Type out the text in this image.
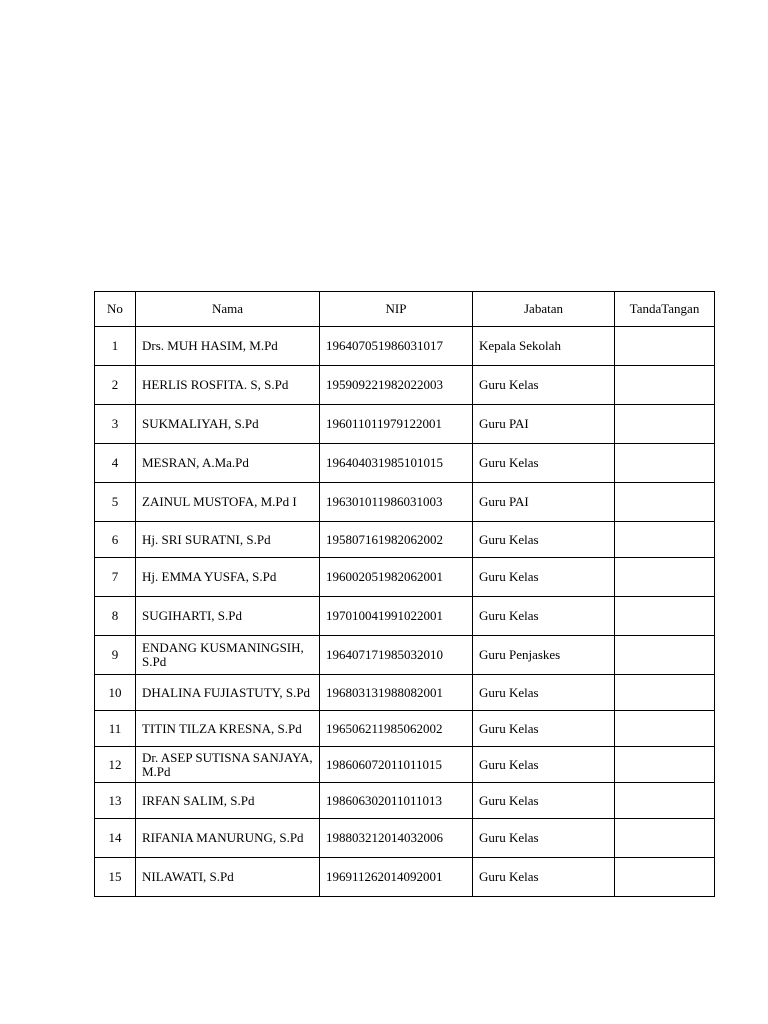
No	Nama	NIP	Jabatan	TandaTangan
1	Drs. MUH HASIM, M.Pd	196407051986031017	Kepala Sekolah	
2	HERLIS ROSFITA. S, S.Pd	195909221982022003	Guru Kelas	
3	SUKMALIYAH, S.Pd	196011011979122001	Guru PAI	
4	MESRAN, A.Ma.Pd	196404031985101015	Guru Kelas	
5	ZAINUL MUSTOFA, M.Pd I	196301011986031003	Guru PAI	
6	Hj. SRI SURATNI, S.Pd	195807161982062002	Guru Kelas	
7	Hj. EMMA YUSFA, S.Pd	196002051982062001	Guru Kelas	
8	SUGIHARTI, S.Pd	197010041991022001	Guru Kelas	
9	ENDANG KUSMANINGSIH, S.Pd	196407171985032010	Guru Penjaskes	
10	DHALINA FUJIASTUTY, S.Pd	196803131988082001	Guru Kelas	
11	TITIN TILZA KRESNA, S.Pd	196506211985062002	Guru Kelas	
12	Dr. ASEP SUTISNA SANJAYA, M.Pd	198606072011011015	Guru Kelas	
13	IRFAN SALIM, S.Pd	198606302011011013	Guru Kelas	
14	RIFANIA MANURUNG, S.Pd	198803212014032006	Guru Kelas	
15	NILAWATI, S.Pd	196911262014092001	Guru Kelas	
